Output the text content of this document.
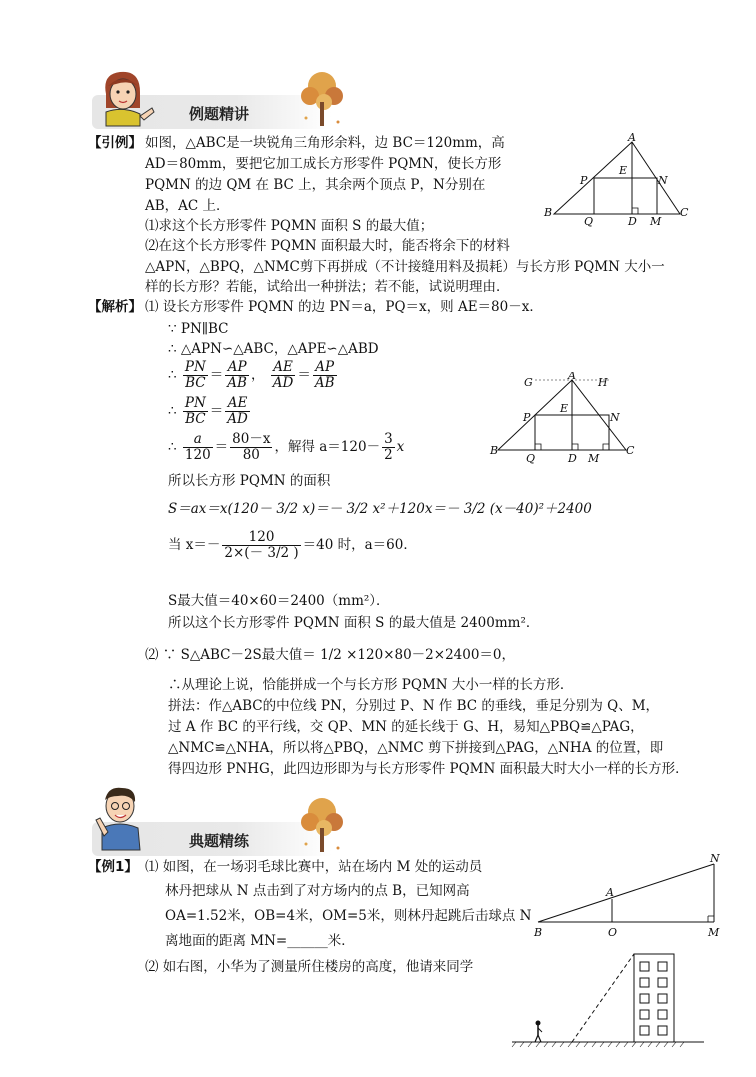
例题精讲
【引例】 如图，△ABC是一块锐角三角形余料，边 BC＝120mm，高
AD＝80mm，要把它加工成长方形零件 PQMN，使长方形
PQMN 的边 QM 在 BC 上，其余两个顶点 P，N分别在
AB，AC 上．
⑴求这个长方形零件 PQMN 面积 S 的最大值；
⑵在这个长方形零件 PQMN 面积最大时，能否将余下的材料
△APN，△BPQ，△NMC剪下再拼成（不计接缝用料及损耗）与长方形 PQMN 大小一
样的长方形？若能，试给出一种拼法；若不能，试说明理由．
A
B	C
P	N
E
Q	D M
【解析】 ⑴ 设长方形零件 PQMN 的边 PN＝a，PQ＝x，则 AE＝80－x．
∵ PN∥BC
∴ △APN∽△ABC，△APE∽△ABD
∴ $\frac{PN}{BC} = \frac{AP}{AB}$ ， $\frac{AE}{AD} = \frac{AP}{AB}$
∴ $\frac{PN}{BC} = \frac{AE}{AD}$
∴ $\frac{a}{120} = \frac{80-x}{80}$ ，解得 $a=120- \frac{3}{2}$ x
A
G	H
B	C
P	N
E
Q	D M
所以长方形 PQMN 的面积
S＝ax＝x(120－ 3/2 x)＝－ 3/2 x²＋120x＝－ 3/2 (x－40)²＋2400
当 $x=- \frac{120}{2\times(- 3/2 )} =40$ 时，a＝60．
S最大值＝40×60＝2400（mm²）．
所以这个长方形零件 PQMN 面积 S 的最大值是 2400mm²．
⑵ ∵ S△ABC－2S最大值＝ 1/2 ×120×80－2×2400＝0，
∴从理论上说，恰能拼成一个与长方形 PQMN 大小一样的长方形．
拼法：作△ABC的中位线 PN，分别过 P、N 作 BC 的垂线，垂足分别为 Q、M，
过 A 作 BC 的平行线，交 QP、MN 的延长线于 G、H，易知△PBQ≌△PAG，
△NMC≌△NHA，所以将△PBQ，△NMC 剪下拼接到△PAG，△NHA 的位置，即
得四边形 PNHG，此四边形即为与长方形零件 PQMN 面积最大时大小一样的长方形．
典题精练
【例1】 ⑴ 如图，在一场羽毛球比赛中，站在场内 M 处的运动员
林丹把球从 N 点击到了对方场内的点 B，已知网高
OA=1.52米，OB=4米，OM=5米，则林丹起跳后击球点 N
离地面的距离 MN=______米．
⑵ 如右图，小华为了测量所住楼房的高度，他请来同学
N
A
B	O	M
